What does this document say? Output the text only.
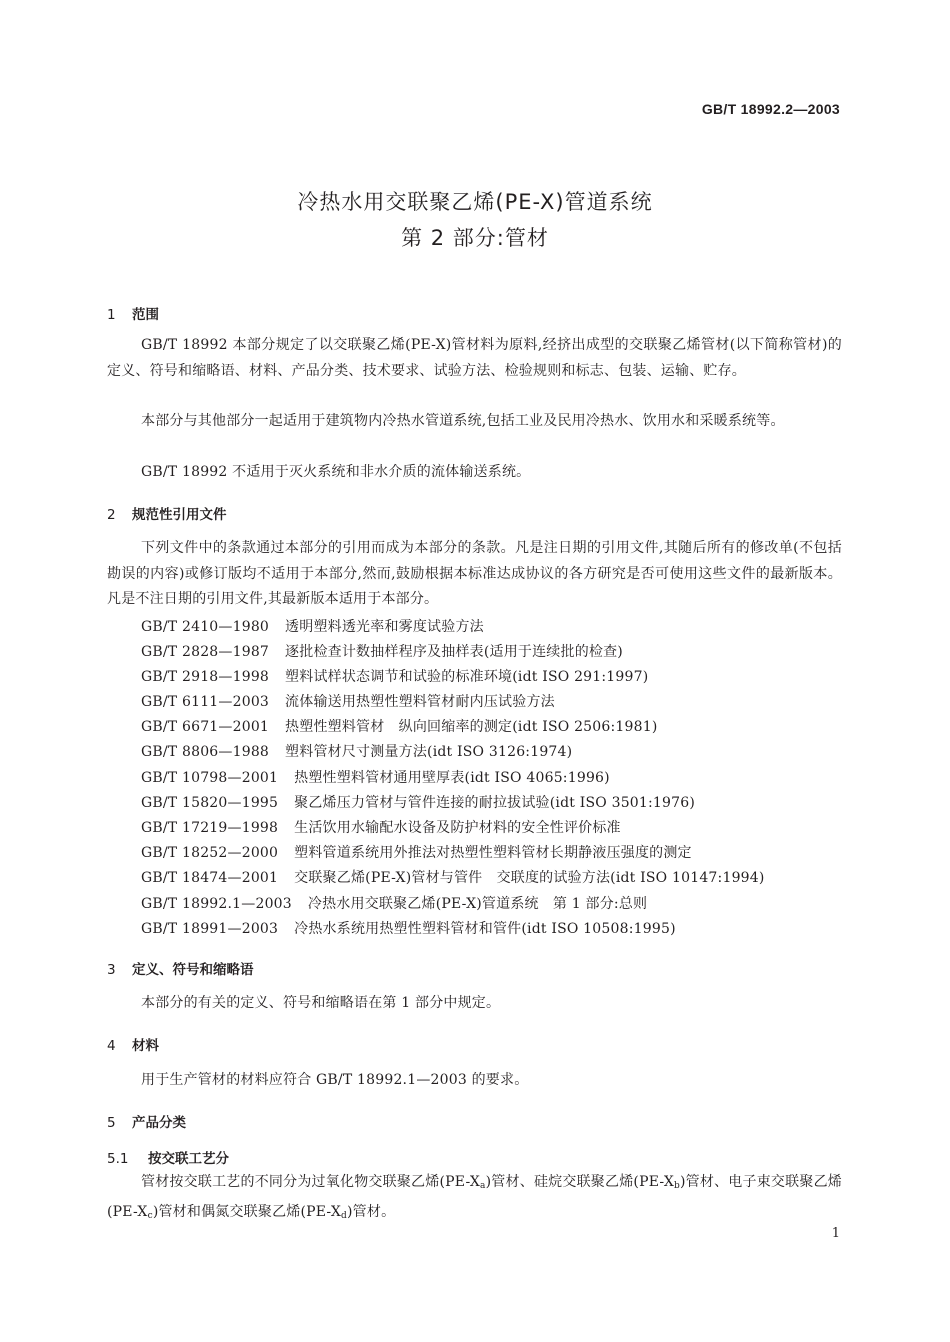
GB/T 18992.2—2003
冷热水用交联聚乙烯(PE-X)管道系统
第 2 部分:管材
1 范围
GB/T 18992 本部分规定了以交联聚乙烯(PE-X)管材料为原料,经挤出成型的交联聚乙烯管材(以下简称管材)的定义、符号和缩略语、材料、产品分类、技术要求、试验方法、检验规则和标志、包装、运输、贮存。
本部分与其他部分一起适用于建筑物内冷热水管道系统,包括工业及民用冷热水、饮用水和采暖系统等。
GB/T 18992 不适用于灭火系统和非水介质的流体输送系统。
2 规范性引用文件
下列文件中的条款通过本部分的引用而成为本部分的条款。凡是注日期的引用文件,其随后所有的修改单(不包括勘误的内容)或修订版均不适用于本部分,然而,鼓励根据本标准达成协议的各方研究是否可使用这些文件的最新版本。凡是不注日期的引用文件,其最新版本适用于本部分。
GB/T 2410—1980 透明塑料透光率和雾度试验方法
GB/T 2828—1987 逐批检查计数抽样程序及抽样表(适用于连续批的检查)
GB/T 2918—1998 塑料试样状态调节和试验的标准环境(idt ISO 291:1997)
GB/T 6111—2003 流体输送用热塑性塑料管材耐内压试验方法
GB/T 6671—2001 热塑性塑料管材　纵向回缩率的测定(idt ISO 2506:1981)
GB/T 8806—1988 塑料管材尺寸测量方法(idt ISO 3126:1974)
GB/T 10798—2001 热塑性塑料管材通用壁厚表(idt ISO 4065:1996)
GB/T 15820—1995 聚乙烯压力管材与管件连接的耐拉拔试验(idt ISO 3501:1976)
GB/T 17219—1998 生活饮用水输配水设备及防护材料的安全性评价标准
GB/T 18252—2000 塑料管道系统用外推法对热塑性塑料管材长期静液压强度的测定
GB/T 18474—2001 交联聚乙烯(PE-X)管材与管件　交联度的试验方法(idt ISO 10147:1994)
GB/T 18992.1—2003 冷热水用交联聚乙烯(PE-X)管道系统　第 1 部分:总则
GB/T 18991—2003 冷热水系统用热塑性塑料管材和管件(idt ISO 10508:1995)
3 定义、符号和缩略语
本部分的有关的定义、符号和缩略语在第 1 部分中规定。
4 材料
用于生产管材的材料应符合 GB/T 18992.1—2003 的要求。
5 产品分类
5.1 按交联工艺分
管材按交联工艺的不同分为过氧化物交联聚乙烯$(PE-X_a)$管材、硅烷交联聚乙烯$(PE-X_b)$管材、电子束交联聚乙烯$(PE-X_c)$管材和偶氮交联聚乙烯$(PE-X_d)$管材。
1
